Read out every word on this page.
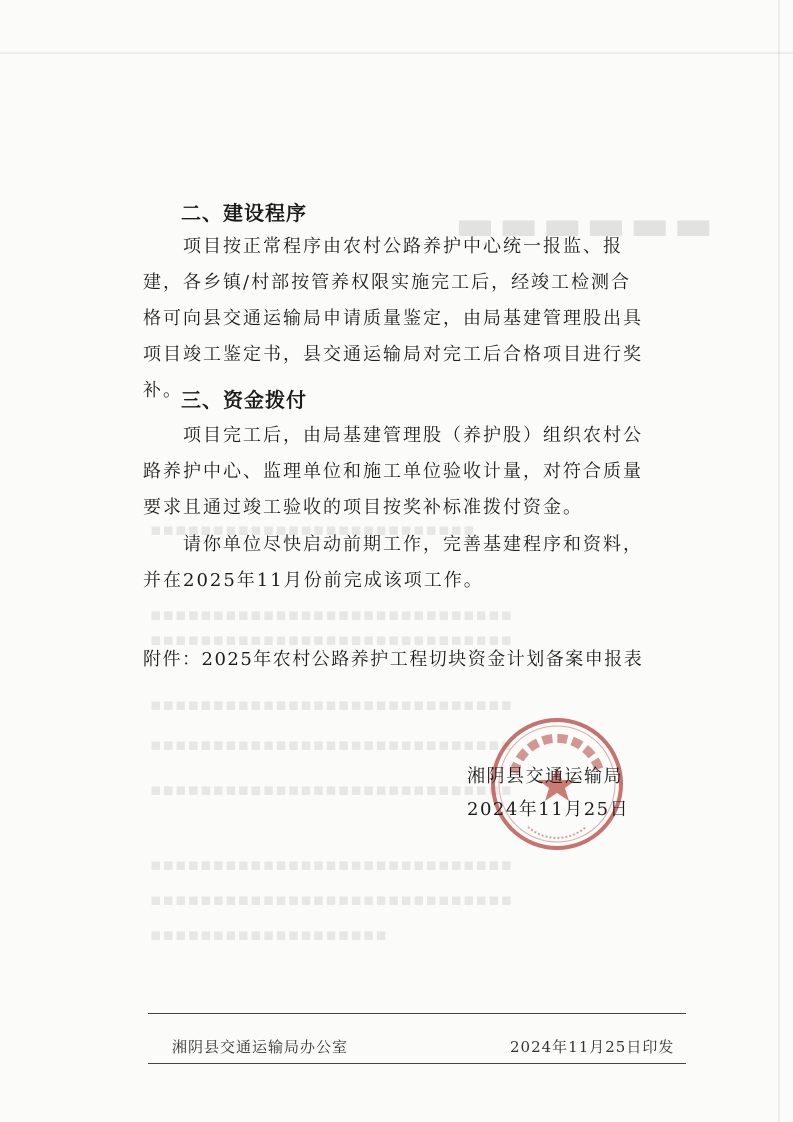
▬▬▬▬▬▬
▪▪▪▪▪▪▪▪▪▪▪▪▪▪▪▪▪▪▪▪▪▪▪▪▪▪
▪▪▪▪▪▪▪▪▪▪▪▪▪▪▪▪▪▪▪▪▪▪▪▪▪▪▪▪▪
▪▪▪▪▪▪▪▪▪▪▪▪▪▪▪▪▪▪▪▪▪▪▪▪▪▪▪▪▪
▪▪▪▪▪▪▪▪▪▪▪▪▪▪▪▪▪▪▪▪▪▪▪▪▪▪▪▪▪
▪▪▪▪▪▪▪▪▪▪▪▪▪▪▪▪▪▪▪▪▪▪▪▪▪▪▪▪▪
▪▪▪▪▪▪▪▪▪▪▪▪▪▪▪▪▪▪▪▪▪▪▪▪▪▪▪▪▪
▪▪▪▪▪▪▪▪▪▪▪▪▪▪▪▪▪▪▪▪▪▪▪▪▪▪▪▪▪
▪▪▪▪▪▪▪▪▪▪▪▪▪▪▪▪▪▪▪▪▪▪▪▪▪▪▪▪▪
▪▪▪▪▪▪▪▪▪▪▪▪▪▪▪▪▪▪▪
二、建设程序

项目按正常程序由农村公路养护中心统一报监、报建，各乡镇/村部按管养权限实施完工后，经竣工检测合格可向县交通运输局申请质量鉴定，由局基建管理股出具项目竣工鉴定书，县交通运输局对完工后合格项目进行奖补。

三、资金拨付

项目完工后，由局基建管理股（养护股）组织农村公路养护中心、监理单位和施工单位验收计量，对符合质量要求且通过竣工验收的项目按奖补标准拨付资金。

请你单位尽快启动前期工作，完善基建程序和资料，并在2025年11月份前完成该项工作。

附件：2025年农村公路养护工程切块资金计划备案申报表
湘阴县交通运输局
2024年11月25日
湘阴县交通运输局办公室	2024年11月25日印发
